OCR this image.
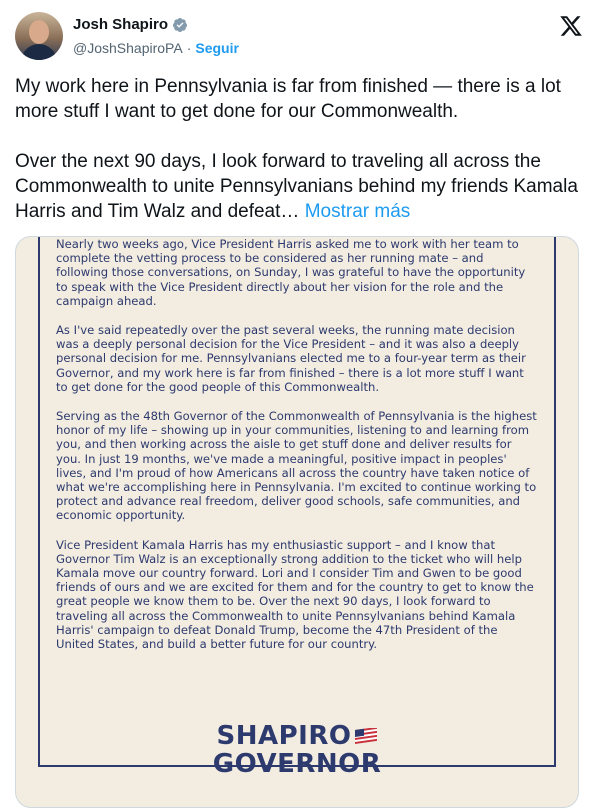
Josh Shapiro
@JoshShapiroPA · Seguir

My work here in Pennsylvania is far from finished — there is a lot more stuff I want to get done for our Commonwealth.

Over the next 90 days, I look forward to traveling all across the Commonwealth to unite Pennsylvanians behind my friends Kamala Harris and Tim Walz and defeat… Mostrar más

Nearly two weeks ago, Vice President Harris asked me to work with her team to complete the vetting process to be considered as her running mate – and following those conversations, on Sunday, I was grateful to have the opportunity to speak with the Vice President directly about her vision for the role and the campaign ahead.

As I've said repeatedly over the past several weeks, the running mate decision was a deeply personal decision for the Vice President – and it was also a deeply personal decision for me. Pennsylvanians elected me to a four-year term as their Governor, and my work here is far from finished – there is a lot more stuff I want to get done for the good people of this Commonwealth.

Serving as the 48th Governor of the Commonwealth of Pennsylvania is the highest honor of my life – showing up in your communities, listening to and learning from you, and then working across the aisle to get stuff done and deliver results for you. In just 19 months, we've made a meaningful, positive impact in peoples' lives, and I'm proud of how Americans all across the country have taken notice of what we're accomplishing here in Pennsylvania. I'm excited to continue working to protect and advance real freedom, deliver good schools, safe communities, and economic opportunity.

Vice President Kamala Harris has my enthusiastic support – and I know that Governor Tim Walz is an exceptionally strong addition to the ticket who will help Kamala move our country forward. Lori and I consider Tim and Gwen to be good friends of ours and we are excited for them and for the country to get to know the great people we know them to be. Over the next 90 days, I look forward to traveling all across the Commonwealth to unite Pennsylvanians behind Kamala Harris' campaign to defeat Donald Trump, become the 47th President of the United States, and build a better future for our country.

SHAPIRO
GOVERNOR
